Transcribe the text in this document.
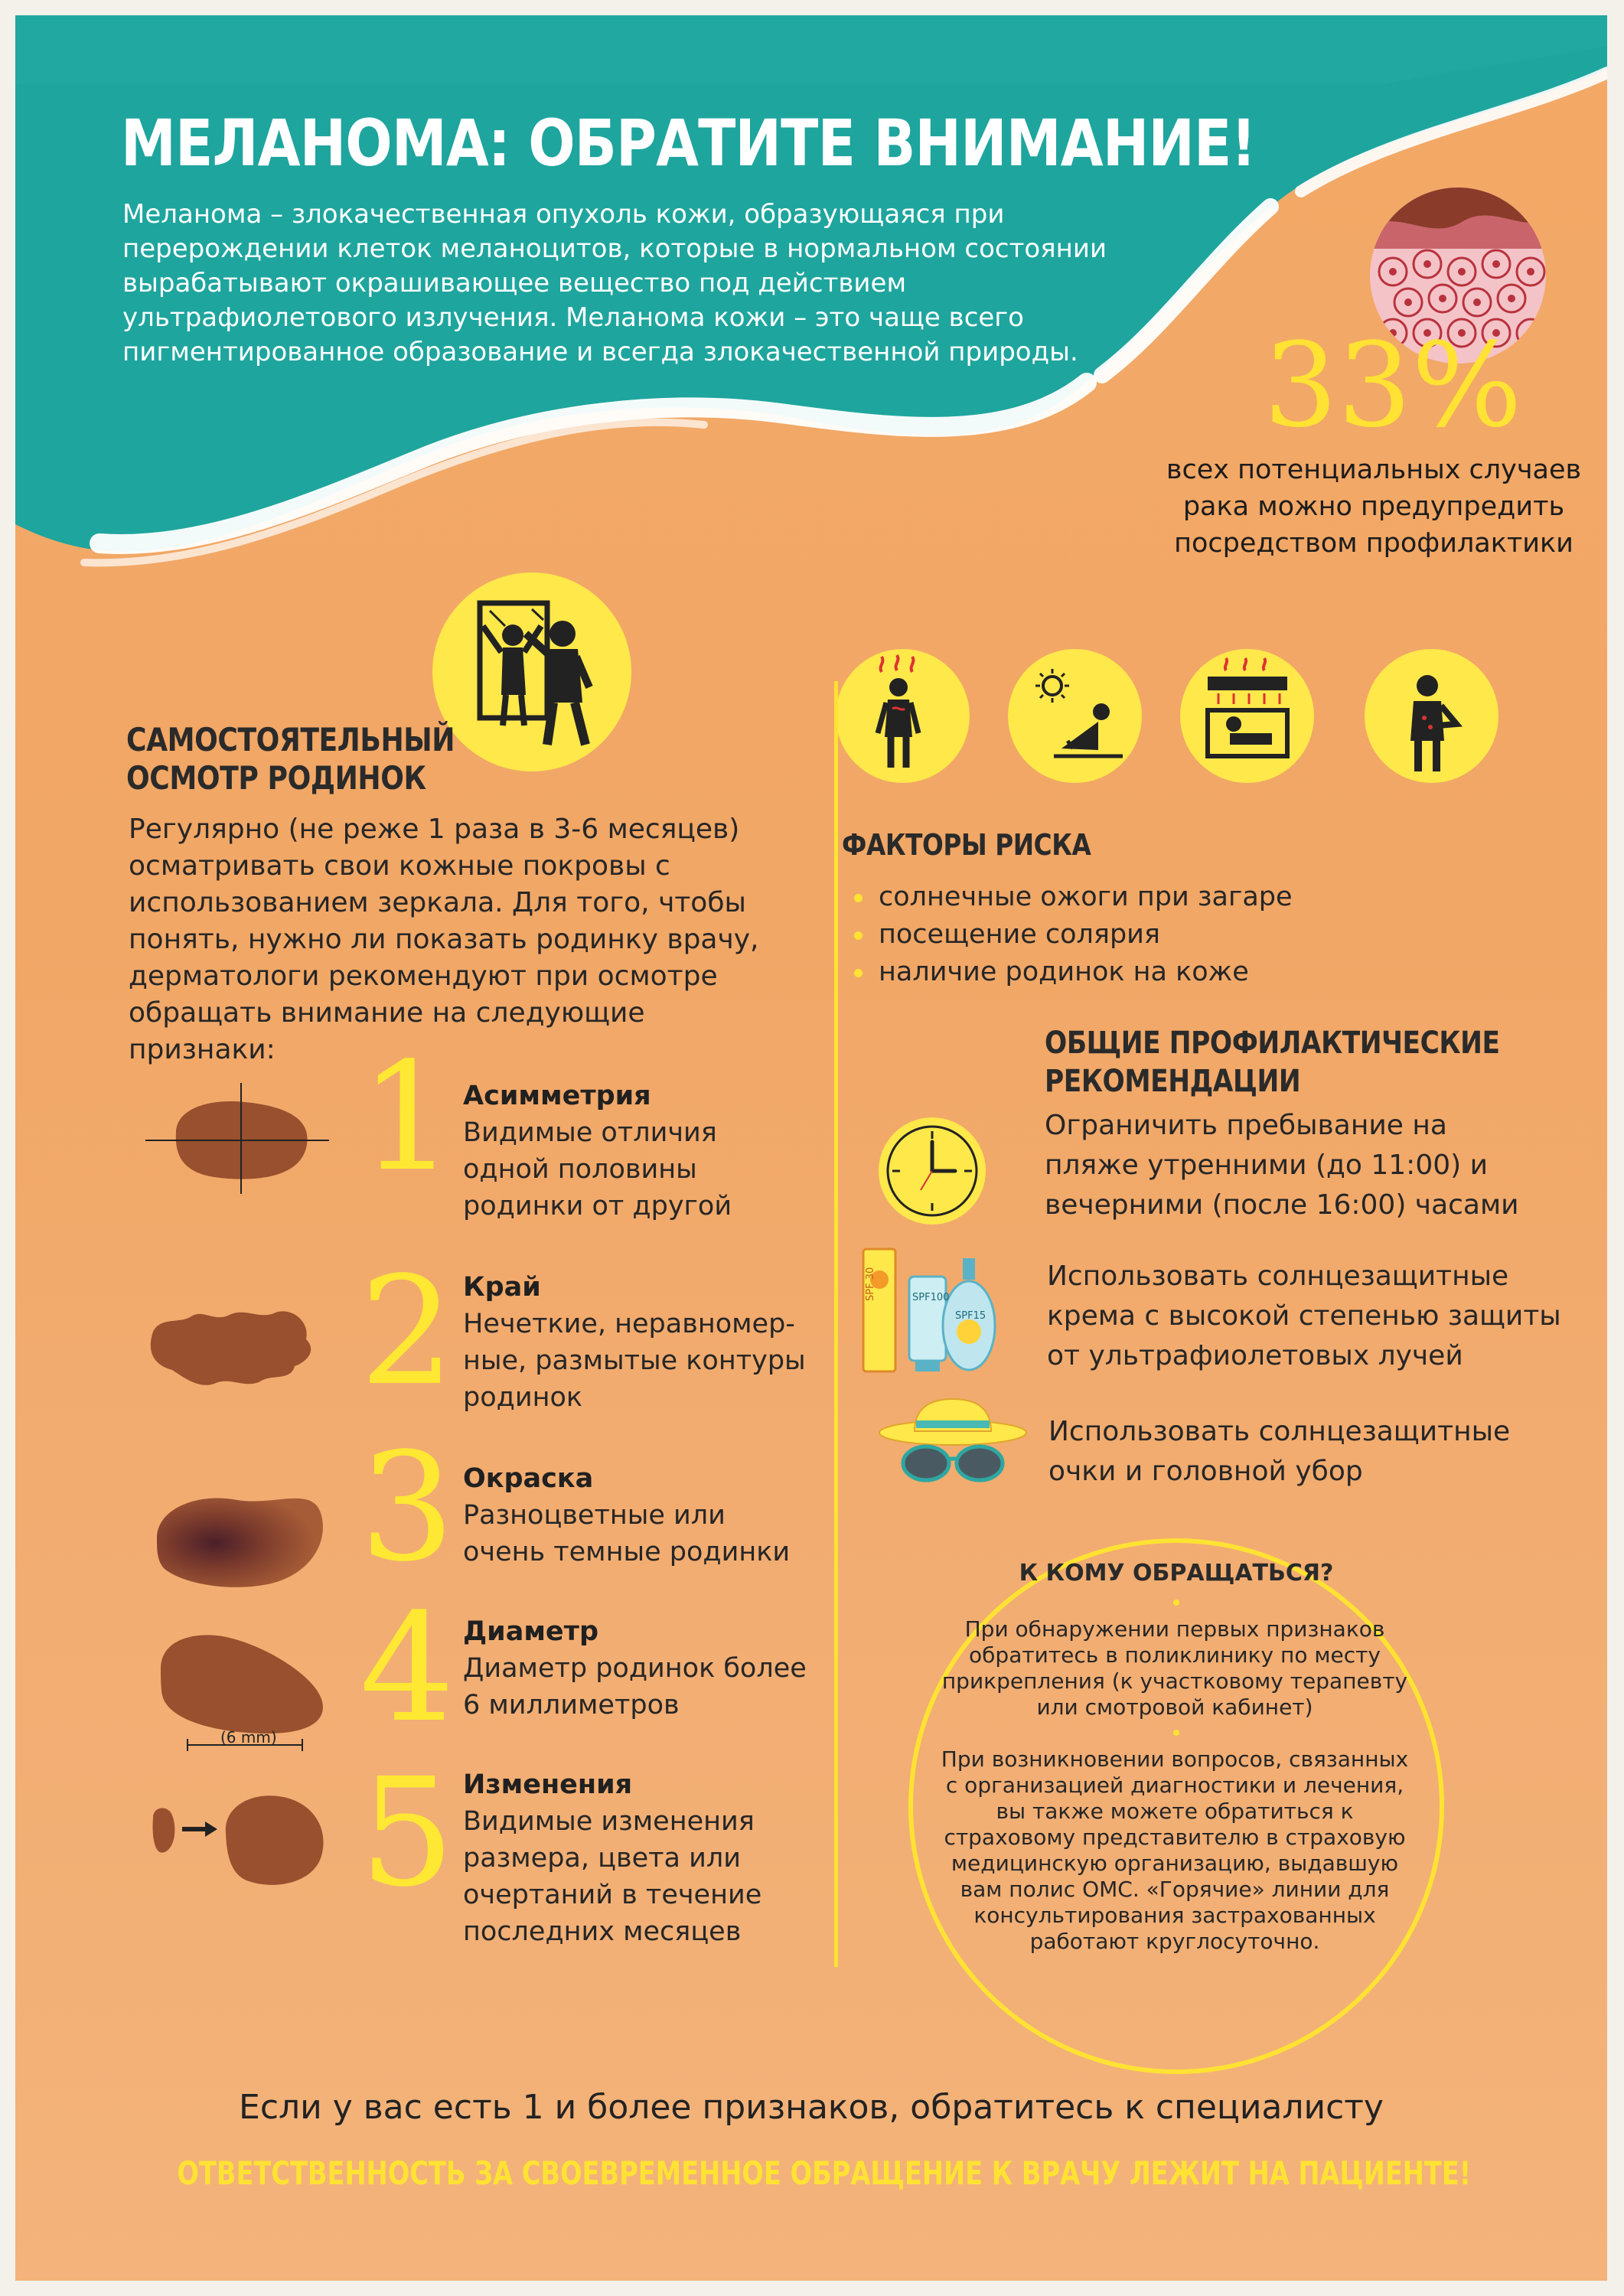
МЕЛАНОМА: ОБРАТИТЕ ВНИМАНИЕ!
Меланома – злокачественная опухоль кожи, образующаяся при перерождении клеток меланоцитов, которые в нормальном состоянии вырабатывают окрашивающее вещество под действием ультрафиолетового излучения. Меланома кожи – это чаще всего пигментированное образование и всегда злокачественной природы.	33%
всех потенциальных случаев рака можно предупредить посредством профилактики
САМОСТОЯТЕЛЬНЫЙ
ОСМОТР РОДИНОК
Регулярно (не реже 1 раза в 3-6 месяцев) осматривать свои кожные покровы с использованием зеркала. Для того, чтобы понять, нужно ли показать родинку врачу, дерматологи рекомендуют при осмотре обращать внимание на следующие признаки: 1 Асимметрия
Видимые отличия одной половины родинки от другой
2 Край
Нечеткие, неравномер-ные, размытые контуры родинок
3 Окраска
Разноцветные или очень темные родинки
(6 mm) 4 Диаметр
Диаметр родинок более 6 миллиметров
5 Изменения
Видимые изменения размера, цвета или очертаний в течение последних месяцев
ФАКТОРЫ РИСКА
солнечные ожоги при загаре
посещение солярия
наличие родинок на коже
ОБЩИЕ ПРОФИЛАКТИЧЕСКИЕ
РЕКОМЕНДАЦИИ
Ограничить пребывание на пляже утренними (до 11:00) и вечерними (после 16:00) часами
SPF 30	SPF100
SPF15
Использовать солнцезащитные крема с высокой степенью защиты от ультрафиолетовых лучей
Использовать солнцезащитные очки и головной убор
К КОМУ ОБРАЩАТЬСЯ?
При обнаружении первых признаков обратитесь в поликлинику по месту прикрепления (к участковому терапевту или смотровой кабинет)
При возникновении вопросов, связанных с организацией диагностики и лечения, вы также можете обратиться к страховому представителю в страховую медицинскую организацию, выдавшую вам полис ОМС. «Горячие» линии для консультирования застрахованных работают круглосуточно.
Если у вас есть 1 и более признаков, обратитесь к специалисту
ОТВЕТСТВЕННОСТЬ ЗА СВОЕВРЕМЕННОЕ ОБРАЩЕНИЕ К ВРАЧУ ЛЕЖИТ НА ПАЦИЕНТЕ!
